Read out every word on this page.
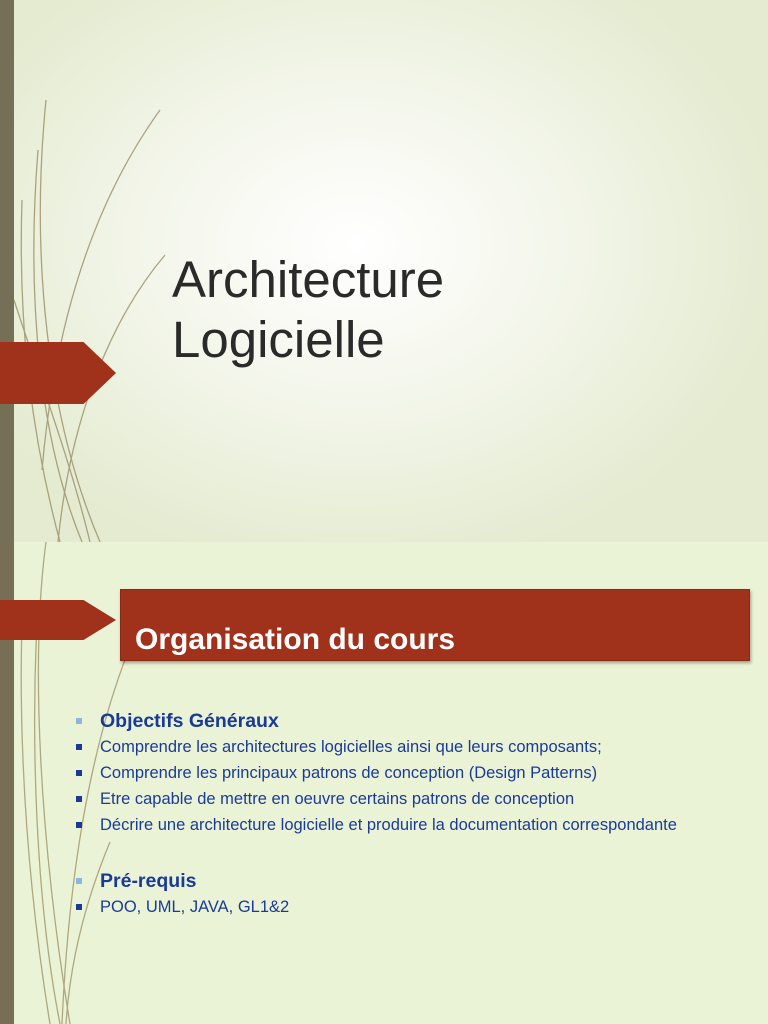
Architecture
Logicielle
Organisation du cours
Objectifs Généraux
Comprendre les architectures logicielles ainsi que leurs composants;
Comprendre les principaux patrons de conception (Design Patterns)
Etre capable de mettre en oeuvre certains patrons de conception
Décrire une architecture logicielle et produire la documentation correspondante
Pré-requis
POO, UML, JAVA, GL1&2
